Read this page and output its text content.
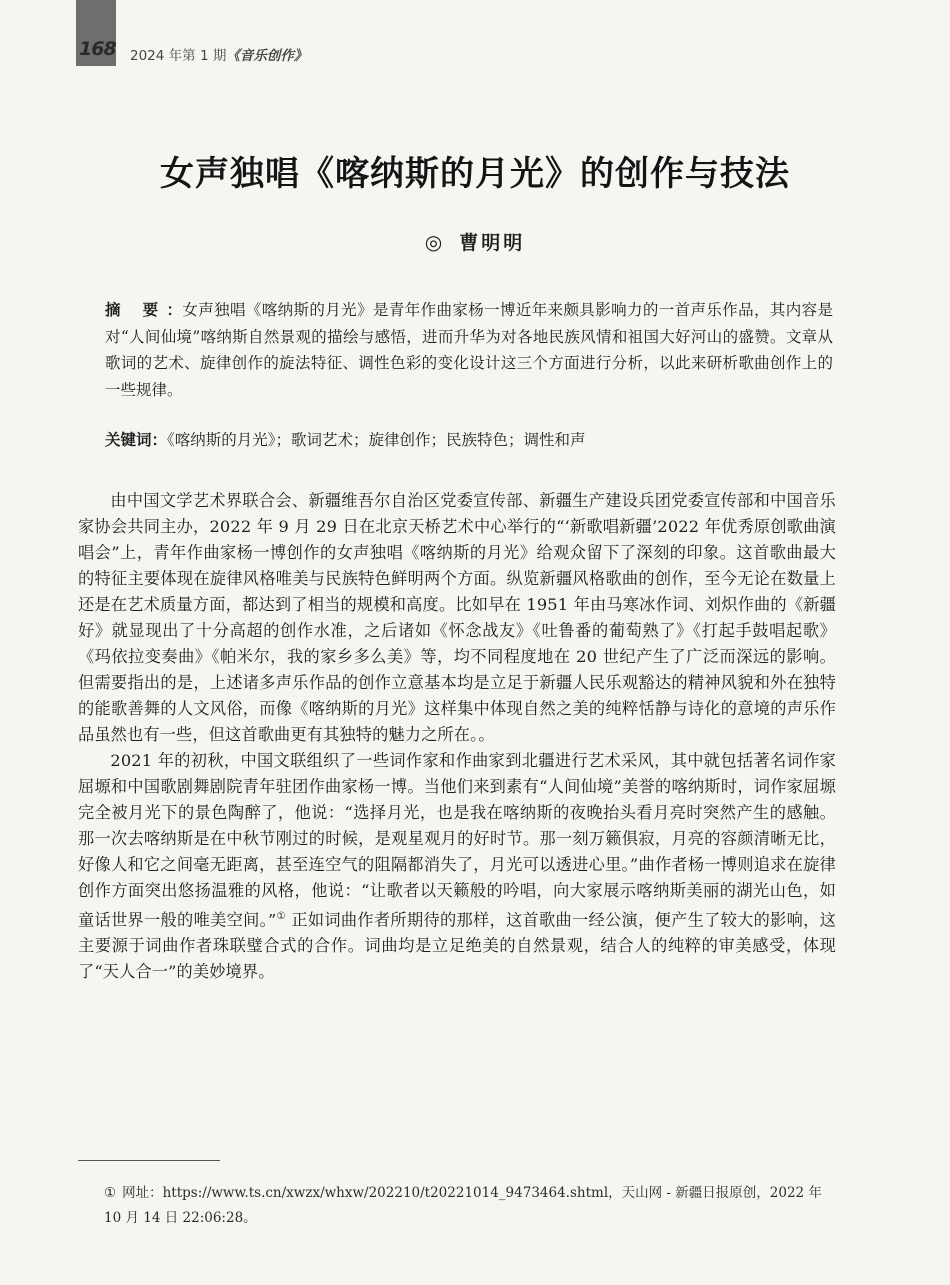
168 2024 年第 1 期《音乐创作》
女声独唱《喀纳斯的月光》的创作与技法
◎ 曹明明

摘 要：女声独唱《喀纳斯的月光》是青年作曲家杨一博近年来颇具影响力的一首声乐作品，其内容是对“人间仙境”喀纳斯自然景观的描绘与感悟，进而升华为对各地民族风情和祖国大好河山的盛赞。文章从歌词的艺术、旋律创作的旋法特征、调性色彩的变化设计这三个方面进行分析，以此来研析歌曲创作上的一些规律。

关键词：《喀纳斯的月光》；歌词艺术；旋律创作；民族特色；调性和声

由中国文学艺术界联合会、新疆维吾尔自治区党委宣传部、新疆生产建设兵团党委宣传部和中国音乐家协会共同主办，2022 年 9 月 29 日在北京天桥艺术中心举行的“‘新歌唱新疆’2022 年优秀原创歌曲演唱会”上，青年作曲家杨一博创作的女声独唱《喀纳斯的月光》给观众留下了深刻的印象。这首歌曲最大的特征主要体现在旋律风格唯美与民族特色鲜明两个方面。纵览新疆风格歌曲的创作，至今无论在数量上还是在艺术质量方面，都达到了相当的规模和高度。比如早在 1951 年由马寒冰作词、刘炽作曲的《新疆好》就显现出了十分高超的创作水准，之后诸如《怀念战友》《吐鲁番的葡萄熟了》《打起手鼓唱起歌》《玛依拉变奏曲》《帕米尔，我的家乡多么美》等，均不同程度地在 20 世纪产生了广泛而深远的影响。但需要指出的是，上述诸多声乐作品的创作立意基本均是立足于新疆人民乐观豁达的精神风貌和外在独特的能歌善舞的人文风俗，而像《喀纳斯的月光》这样集中体现自然之美的纯粹恬静与诗化的意境的声乐作品虽然也有一些，但这首歌曲更有其独特的魅力之所在。。

2021 年的初秋，中国文联组织了一些词作家和作曲家到北疆进行艺术采风，其中就包括著名词作家屈塬和中国歌剧舞剧院青年驻团作曲家杨一博。当他们来到素有“人间仙境”美誉的喀纳斯时，词作家屈塬完全被月光下的景色陶醉了，他说：“选择月光，也是我在喀纳斯的夜晚抬头看月亮时突然产生的感触。那一次去喀纳斯是在中秋节刚过的时候，是观星观月的好时节。那一刻万籁俱寂，月亮的容颜清晰无比，好像人和它之间毫无距离，甚至连空气的阻隔都消失了，月光可以透进心里。”曲作者杨一博则追求在旋律创作方面突出悠扬温雅的风格，他说：“让歌者以天籁般的吟唱，向大家展示喀纳斯美丽的湖光山色，如童话世界一般的唯美空间。”① 正如词曲作者所期待的那样，这首歌曲一经公演，便产生了较大的影响，这主要源于词曲作者珠联璧合式的合作。词曲均是立足绝美的自然景观，结合人的纯粹的审美感受，体现了“天人合一”的美妙境界。

① 网址：https://www.ts.cn/xwzx/whxw/202210/t20221014_9473464.shtml，天山网 - 新疆日报原创，2022 年 10 月 14 日 22:06:28。
